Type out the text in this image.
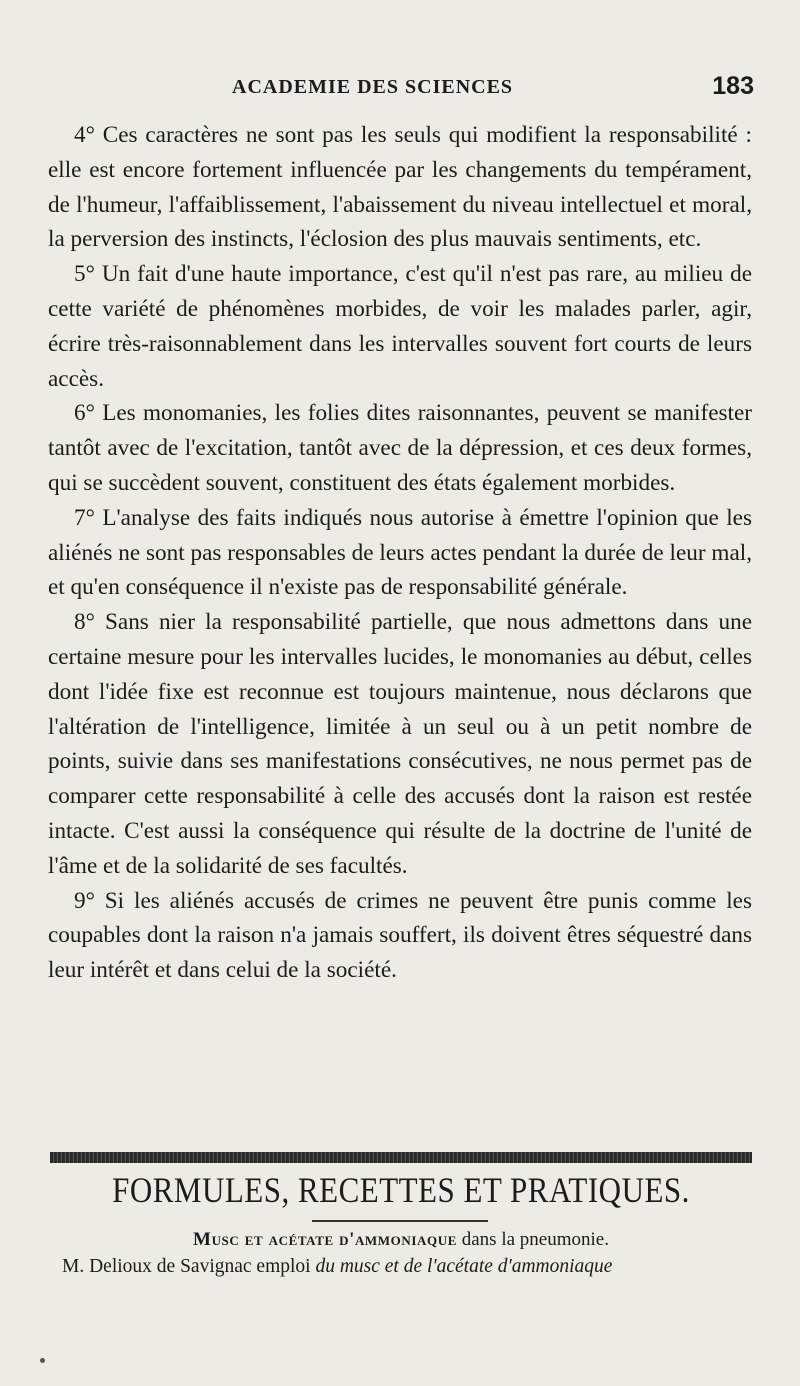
ACADEMIE DES SCIENCES	183

4° Ces caractères ne sont pas les seuls qui modifient la responsabilité : elle est encore fortement influencée par les changements du tempérament, de l'humeur, l'affaiblissement, l'abaissement du niveau intellectuel et moral, la perversion des instincts, l'éclosion des plus mauvais sentiments, etc.

5° Un fait d'une haute importance, c'est qu'il n'est pas rare, au milieu de cette variété de phénomènes morbides, de voir les malades parler, agir, écrire très-raisonnablement dans les intervalles souvent fort courts de leurs accès.

6° Les monomanies, les folies dites raisonnantes, peuvent se manifester tantôt avec de l'excitation, tantôt avec de la dépression, et ces deux formes, qui se succèdent souvent, constituent des états également morbides.

7° L'analyse des faits indiqués nous autorise à émettre l'opinion que les aliénés ne sont pas responsables de leurs actes pendant la durée de leur mal, et qu'en conséquence il n'existe pas de responsabilité générale.

8° Sans nier la responsabilité partielle, que nous admettons dans une certaine mesure pour les intervalles lucides, le monomanies au début, celles dont l'idée fixe est reconnue est toujours maintenue, nous déclarons que l'altération de l'intelligence, limitée à un seul ou à un petit nombre de points, suivie dans ses manifestations consécutives, ne nous permet pas de comparer cette responsabilité à celle des accusés dont la raison est restée intacte. C'est aussi la conséquence qui résulte de la doctrine de l'unité de l'âme et de la solidarité de ses facultés.

9° Si les aliénés accusés de crimes ne peuvent être punis comme les coupables dont la raison n'a jamais souffert, ils doivent êtres séquestré dans leur intérêt et dans celui de la société.

FORMULES, RECETTES ET PRATIQUES.
Musc et acétate d'ammoniaque dans la pneumonie.
M. Delioux de Savignac emploi du musc et de l'acétate d'ammoniaque
